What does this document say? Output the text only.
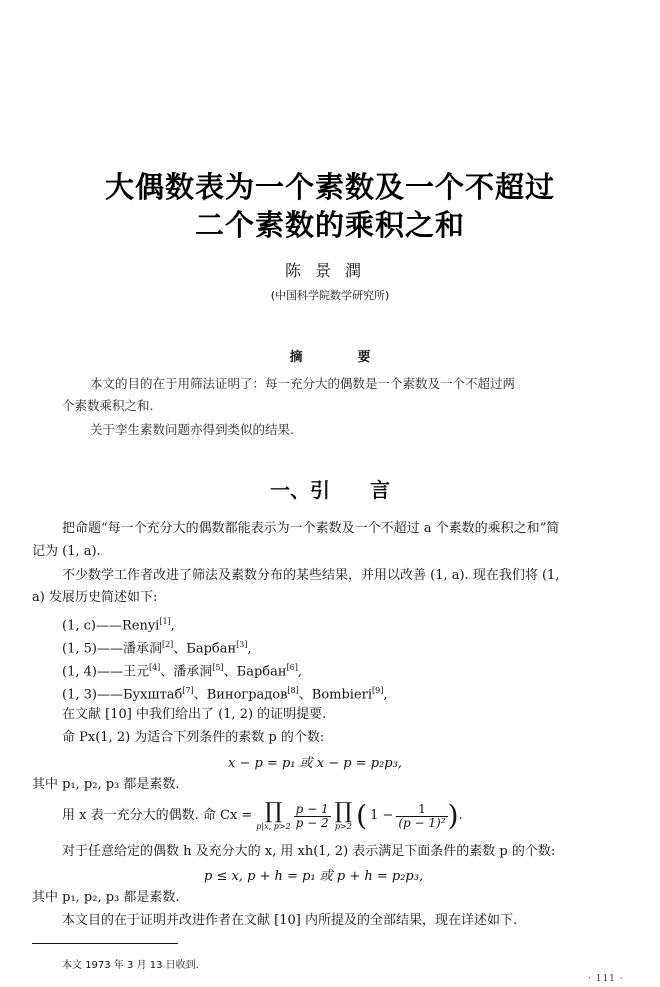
大偶数表为一个素数及一个不超过
二个素数的乘积之和
陈景潤
(中国科学院数学研究所)
摘要
本文的目的在于用筛法证明了：每一充分大的偶数是一个素数及一个不超过两
个素数乘积之和.
关于孪生素数问题亦得到类似的结果.
一、引 言
把命题“每一个充分大的偶数都能表示为一个素数及一个不超过 a 个素数的乘积之和”简
记为 (1, a).
不少数学工作者改进了筛法及素数分布的某些结果，并用以改善 (1, a). 现在我们将 (1,
a) 发展历史简述如下:
(1, c)——Renyi[1],
(1, 5)——潘承洞[2]、Барбан[3],
(1, 4)——王元[4]、潘承洞[5]、Барбан[6],
(1, 3)——Бухштаб[7]、Виноградов[8]、Bombieri[9],
在文献 [10] 中我们给出了 (1, 2) 的证明提要.
命 Px(1, 2) 为适合下列条件的素数 p 的个数:
x − p = p₁ 或 x − p = p₂p₃,
其中 p₁, p₂, p₃ 都是素数.
用 x 表一充分大的偶数. 命 Cx = ∏
p|x, $p>2 \frac{p - 1}{p - 2}$ ∏
p>2 ( $1 - \frac{1}{\text{(p − 1)²}}$ ) .
对于任意给定的偶数 h 及充分大的 x, 用 xh(1, 2) 表示满足下面条件的素数 p 的个数:
p ≤ x, p + h = p₁ 或 p + h = p₂p₃,
其中 p₁, p₂, p₃ 都是素数.
本文目的在于证明并改进作者在文献 [10] 内所提及的全部结果，现在详述如下.
本文 1973 年 3 月 13 日收到.
· 111 ·
